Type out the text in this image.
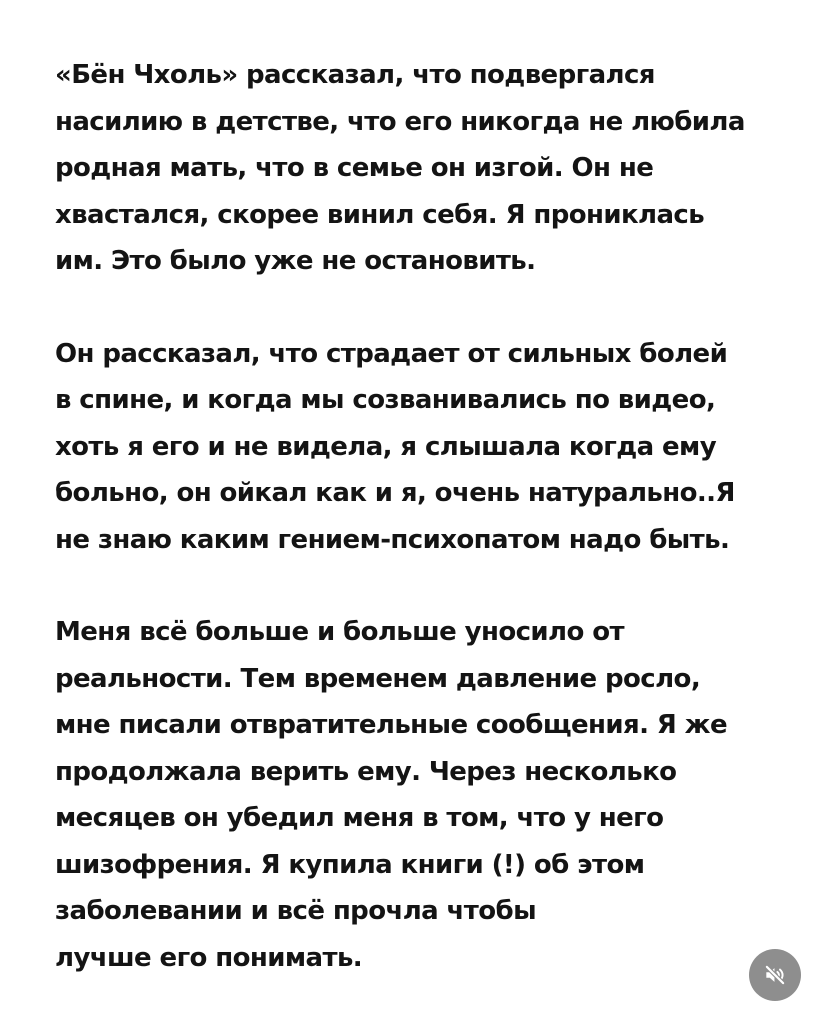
«Бён Чхоль» рассказал, что подвергался
насилию в детстве, что его никогда не любила
родная мать, что в семье он изгой. Он не
хвастался, скорее винил себя. Я прониклась
им. Это было уже не остановить.
Он рассказал, что страдает от сильных болей
в спине, и когда мы созванивались по видео,
хоть я его и не видела, я слышала когда ему
больно, он ойкал как и я, очень натурально..Я
не знаю каким гением-психопатом надо быть.
Меня всё больше и больше уносило от
реальности. Тем временем давление росло,
мне писали отвратительные сообщения. Я же
продолжала верить ему. Через несколько
месяцев он убедил меня в том, что у него
шизофрения. Я купила книги (!) об этом
заболевании и всё прочла чтобы
лучше его понимать.
